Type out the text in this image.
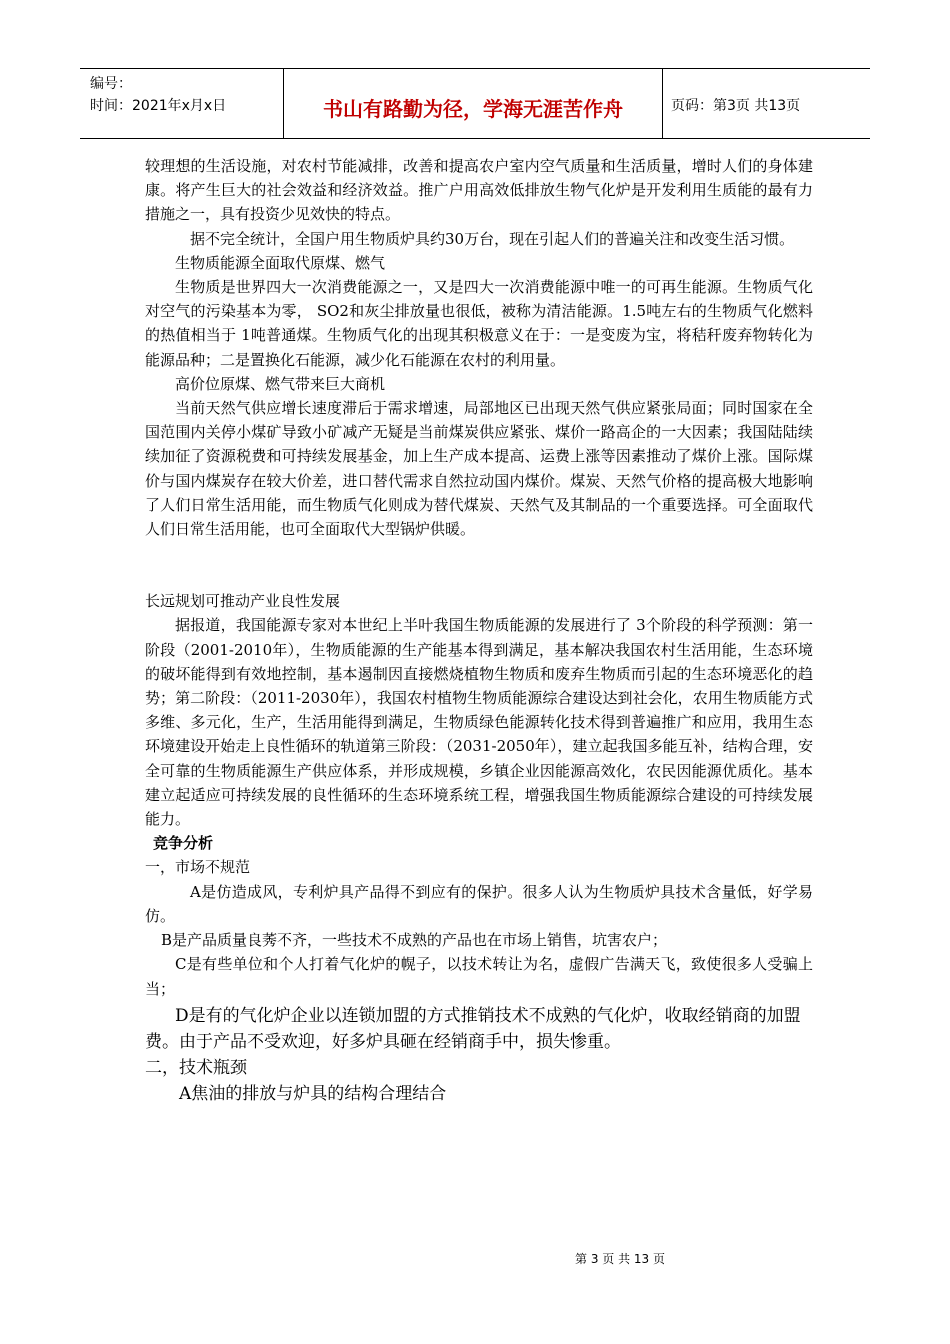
编号：
时间：2021年x月x日	书山有路勤为径，学海无涯苦作舟	页码：第3页 共13页

较理想的生活设施，对农村节能减排，改善和提高农户室内空气质量和生活质量，增时人们的身体建康。将产生巨大的社会效益和经济效益。推广户用高效低排放生物气化炉是开发利用生质能的最有力措施之一，具有投资少见效快的特点。

据不完全统计，全国户用生物质炉具约30万台，现在引起人们的普遍关注和改变生活习惯。

生物质能源全面取代原煤、燃气

生物质是世界四大一次消费能源之一，又是四大一次消费能源中唯一的可再生能源。生物质气化对空气的污染基本为零， SO2和灰尘排放量也很低，被称为清洁能源。1.5吨左右的生物质气化燃料的热值相当于 1吨普通煤。生物质气化的出现其积极意义在于：一是变废为宝，将秸秆废弃物转化为能源品种；二是置换化石能源，减少化石能源在农村的利用量。

高价位原煤、燃气带来巨大商机

当前天然气供应增长速度滞后于需求增速，局部地区已出现天然气供应紧张局面；同时国家在全国范围内关停小煤矿导致小矿减产无疑是当前煤炭供应紧张、煤价一路高企的一大因素；我国陆陆续续加征了资源税费和可持续发展基金，加上生产成本提高、运费上涨等因素推动了煤价上涨。国际煤价与国内煤炭存在较大价差，进口替代需求自然拉动国内煤价。煤炭、天然气价格的提高极大地影响了人们日常生活用能，而生物质气化则成为替代煤炭、天然气及其制品的一个重要选择。可全面取代人们日常生活用能，也可全面取代大型锅炉供暖。

长远规划可推动产业良性发展

据报道，我国能源专家对本世纪上半叶我国生物质能源的发展进行了 3个阶段的科学预测：第一阶段（2001-2010年），生物质能源的生产能基本得到满足，基本解决我国农村生活用能，生态环境的破坏能得到有效地控制，基本遏制因直接燃烧植物生物质和废弃生物质而引起的生态环境恶化的趋势；第二阶段：（2011-2030年），我国农村植物生物质能源综合建设达到社会化，农用生物质能方式多维、多元化，生产，生活用能得到满足，生物质绿色能源转化技术得到普遍推广和应用，我用生态环境建设开始走上良性循环的轨道第三阶段：（2031-2050年），建立起我国多能互补，结构合理，安全可靠的生物质能源生产供应体系，并形成规模，乡镇企业因能源高效化，农民因能源优质化。基本建立起适应可持续发展的良性循环的生态环境系统工程，增强我国生物质能源综合建设的可持续发展能力。

竞争分析

一，市场不规范

A是仿造成风，专利炉具产品得不到应有的保护。很多人认为生物质炉具技术含量低，好学易仿。

B是产品质量良莠不齐，一些技术不成熟的产品也在市场上销售，坑害农户；

C是有些单位和个人打着气化炉的幌子，以技术转让为名，虚假广告满天飞，致使很多人受骗上当；

D是有的气化炉企业以连锁加盟的方式推销技术不成熟的气化炉，收取经销商的加盟费。由于产品不受欢迎，好多炉具砸在经销商手中，损失惨重。

二，技术瓶颈

A焦油的排放与炉具的结构合理结合

第 3 页 共 13 页
